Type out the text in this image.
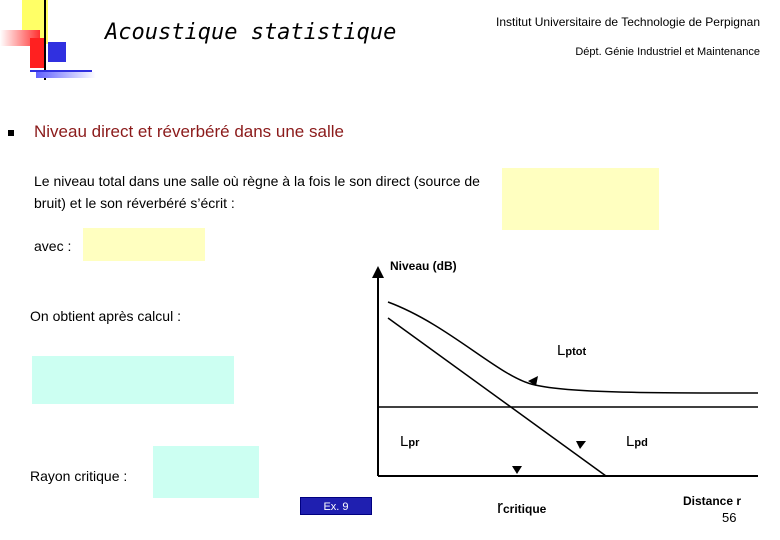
Acoustique statistique	Institut Universitaire de Technologie de Perpignan
Dépt. Génie Industriel et Maintenance
Niveau direct et réverbéré dans une salle
Le niveau total dans une salle où règne à la fois le son direct (source de bruit) et le son réverbéré s’écrit :
avec :
On obtient après calcul :
Rayon critique :
Niveau (dB)
Distance r
Lptot
Lpr	Lpd
rcritique
Ex. 9
56
